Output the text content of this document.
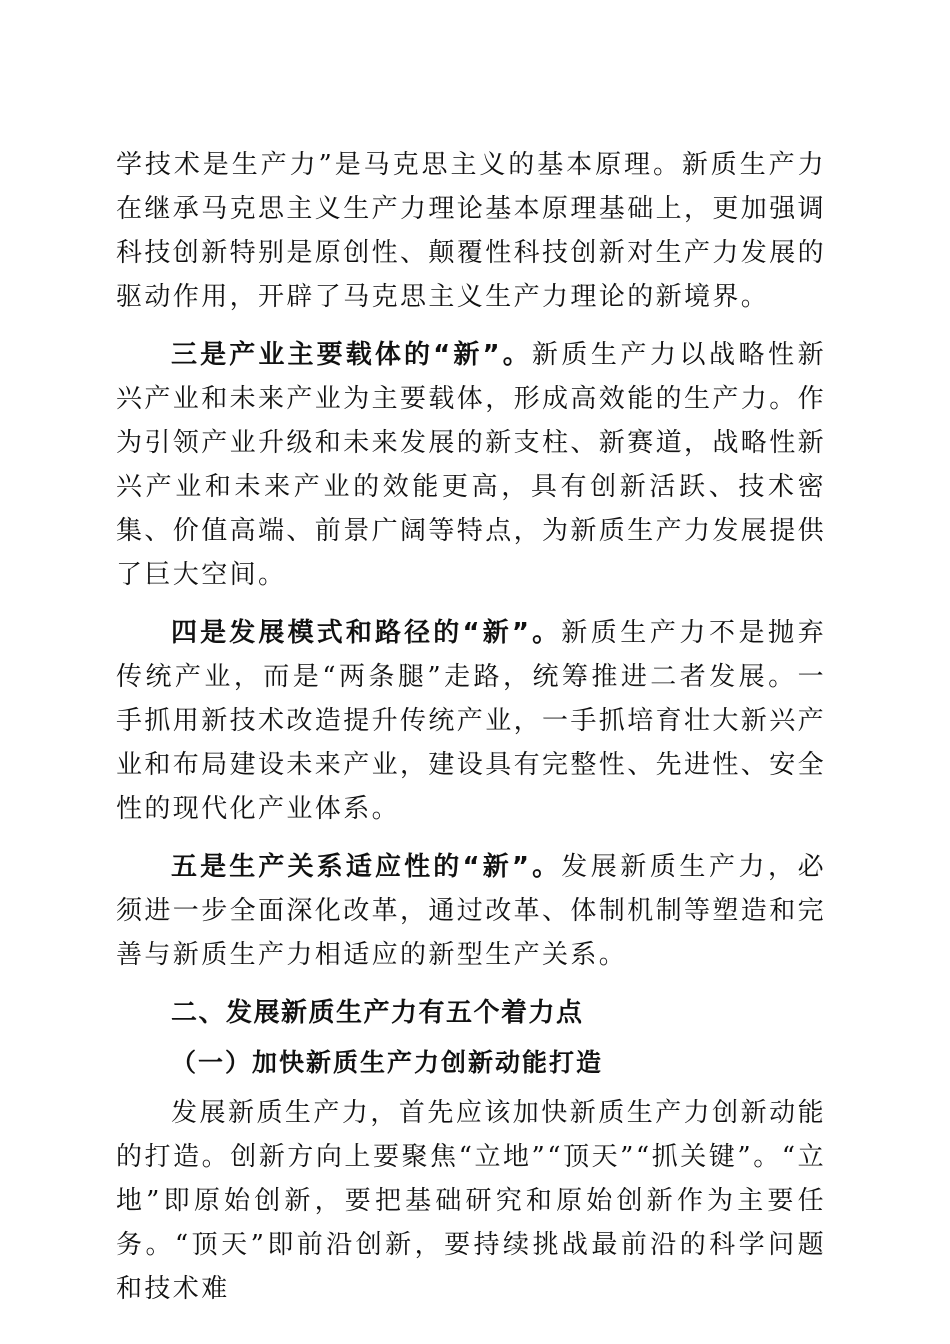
学技术是生产力”是马克思主义的基本原理。新质生产力在继承马克思主义生产力理论基本原理基础上，更加强调科技创新特别是原创性、颠覆性科技创新对生产力发展的驱动作用，开辟了马克思主义生产力理论的新境界。

三是产业主要载体的“新”。新质生产力以战略性新兴产业和未来产业为主要载体，形成高效能的生产力。作为引领产业升级和未来发展的新支柱、新赛道，战略性新兴产业和未来产业的效能更高，具有创新活跃、技术密集、价值高端、前景广阔等特点，为新质生产力发展提供了巨大空间。

四是发展模式和路径的“新”。新质生产力不是抛弃传统产业，而是“两条腿”走路，统筹推进二者发展。一手抓用新技术改造提升传统产业，一手抓培育壮大新兴产业和布局建设未来产业，建设具有完整性、先进性、安全性的现代化产业体系。

五是生产关系适应性的“新”。发展新质生产力，必须进一步全面深化改革，通过改革、体制机制等塑造和完善与新质生产力相适应的新型生产关系。

二、发展新质生产力有五个着力点
（一）加快新质生产力创新动能打造

发展新质生产力，首先应该加快新质生产力创新动能的打造。创新方向上要聚焦“立地”“顶天”“抓关键”。“立地”即原始创新，要把基础研究和原始创新作为主要任务。“顶天”即前沿创新，要持续挑战最前沿的科学问题和技术难
